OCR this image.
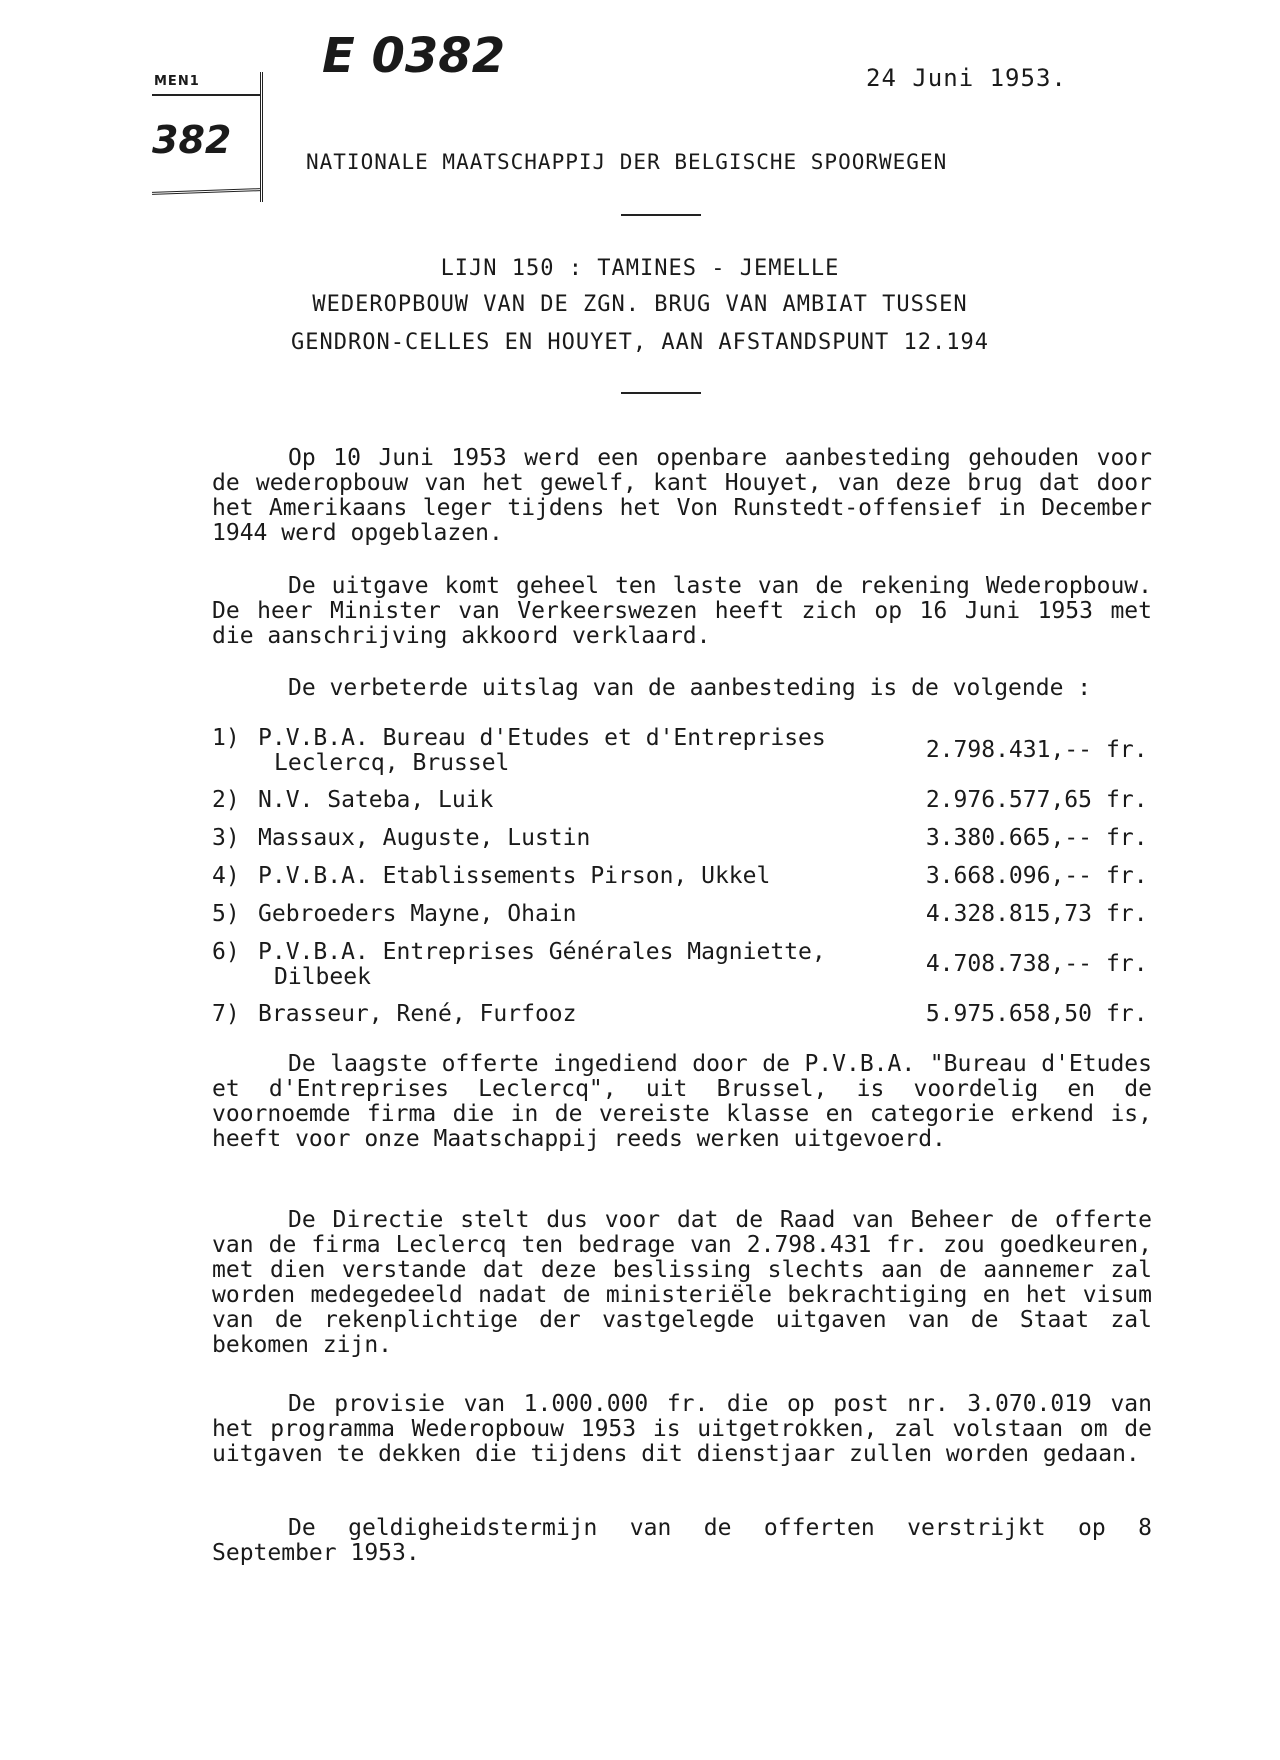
MEN1
382
E 0382	24 Juni 1953.
NATIONALE MAATSCHAPPIJ DER BELGISCHE SPOORWEGEN
LIJN 150 : TAMINES - JEMELLE
WEDEROPBOUW VAN DE ZGN. BRUG VAN AMBIAT TUSSEN
GENDRON-CELLES EN HOUYET, AAN AFSTANDSPUNT 12.194
Op 10 Juni 1953 werd een openbare aanbesteding gehouden voor de wederopbouw van het gewelf, kant Houyet, van deze brug dat door het Amerikaans leger tijdens het Von Runstedt-offensief in December 1944 werd opgeblazen.
De uitgave komt geheel ten laste van de rekening Wederopbouw. De heer Minister van Verkeerswezen heeft zich op 16 Juni 1953 met die aanschrijving akkoord verklaard.
De verbeterde uitslag van de aanbesteding is de volgende :
1) P.V.B.A. Bureau d'Etudes et d'Entreprises
Leclercq, Brussel	2.798.431,-- fr.
2) N.V. Sateba, Luik	2.976.577,65 fr.
3) Massaux, Auguste, Lustin	3.380.665,-- fr.
4) P.V.B.A. Etablissements Pirson, Ukkel	3.668.096,-- fr.
5) Gebroeders Mayne, Ohain	4.328.815,73 fr.
6) P.V.B.A. Entreprises Générales Magniette,
Dilbeek	4.708.738,-- fr.
7) Brasseur, René, Furfooz	5.975.658,50 fr.
De laagste offerte ingediend door de P.V.B.A. "Bureau d'Etudes et d'Entreprises Leclercq", uit Brussel, is voordelig en de voornoemde firma die in de vereiste klasse en categorie erkend is, heeft voor onze Maatschappij reeds werken uitgevoerd.
De Directie stelt dus voor dat de Raad van Beheer de offerte van de firma Leclercq ten bedrage van 2.798.431 fr. zou goedkeuren, met dien verstande dat deze beslissing slechts aan de aannemer zal worden medegedeeld nadat de ministeriële bekrachtiging en het visum van de rekenplichtige der vastgelegde uitgaven van de Staat zal bekomen zijn.
De provisie van 1.000.000 fr. die op post nr. 3.070.019 van het programma Wederopbouw 1953 is uitgetrokken, zal volstaan om de uitgaven te dekken die tijdens dit dienstjaar zullen worden gedaan.
De geldigheidstermijn van de offerten verstrijkt op 8 September 1953.
